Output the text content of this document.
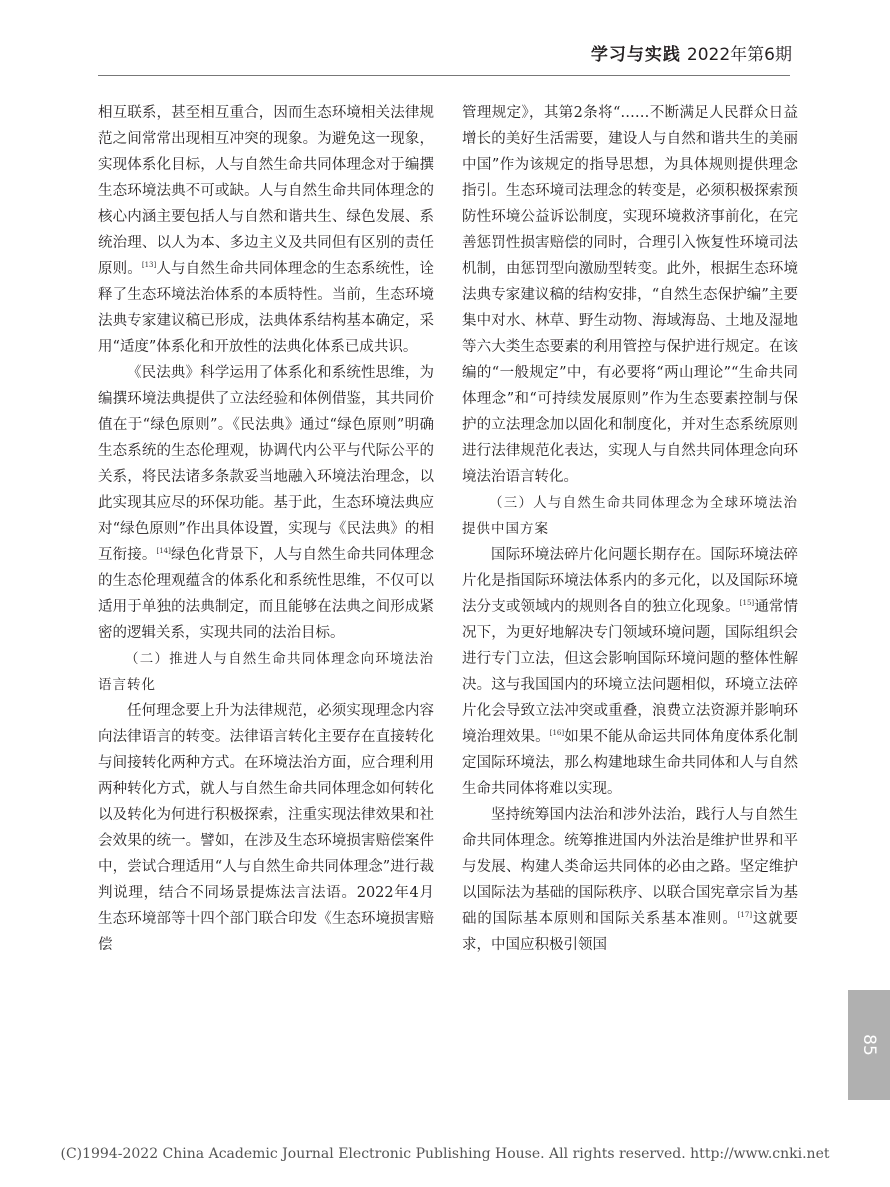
学习与实践 2022年第6期

相互联系，甚至相互重合，因而生态环境相关法律规范之间常常出现相互冲突的现象。为避免这一现象，实现体系化目标，人与自然生命共同体理念对于编撰生态环境法典不可或缺。人与自然生命共同体理念的核心内涵主要包括人与自然和谐共生、绿色发展、系统治理、以人为本、多边主义及共同但有区别的责任原则。[13]人与自然生命共同体理念的生态系统性，诠释了生态环境法治体系的本质特性。当前，生态环境法典专家建议稿已形成，法典体系结构基本确定，采用“适度”体系化和开放性的法典化体系已成共识。

《民法典》科学运用了体系化和系统性思维，为编撰环境法典提供了立法经验和体例借鉴，其共同价值在于“绿色原则”。《民法典》通过“绿色原则”明确生态系统的生态伦理观，协调代内公平与代际公平的关系，将民法诸多条款妥当地融入环境法治理念，以此实现其应尽的环保功能。基于此，生态环境法典应对“绿色原则”作出具体设置，实现与《民法典》的相互衔接。[14]绿色化背景下，人与自然生命共同体理念的生态伦理观蕴含的体系化和系统性思维，不仅可以适用于单独的法典制定，而且能够在法典之间形成紧密的逻辑关系，实现共同的法治目标。

（二）推进人与自然生命共同体理念向环境法治语言转化

任何理念要上升为法律规范，必须实现理念内容向法律语言的转变。法律语言转化主要存在直接转化与间接转化两种方式。在环境法治方面，应合理利用两种转化方式，就人与自然生命共同体理念如何转化以及转化为何进行积极探索，注重实现法律效果和社会效果的统一。譬如，在涉及生态环境损害赔偿案件中，尝试合理适用“人与自然生命共同体理念”进行裁判说理，结合不同场景提炼法言法语。2022年4月生态环境部等十四个部门联合印发《生态环境损害赔偿

管理规定》，其第2条将“……不断满足人民群众日益增长的美好生活需要，建设人与自然和谐共生的美丽中国”作为该规定的指导思想，为具体规则提供理念指引。生态环境司法理念的转变是，必须积极探索预防性环境公益诉讼制度，实现环境救济事前化，在完善惩罚性损害赔偿的同时，合理引入恢复性环境司法机制，由惩罚型向激励型转变。此外，根据生态环境法典专家建议稿的结构安排，“自然生态保护编”主要集中对水、林草、野生动物、海域海岛、土地及湿地等六大类生态要素的利用管控与保护进行规定。在该编的“一般规定”中，有必要将“两山理论”“生命共同体理念”和“可持续发展原则”作为生态要素控制与保护的立法理念加以固化和制度化，并对生态系统原则进行法律规范化表达，实现人与自然共同体理念向环境法治语言转化。

（三）人与自然生命共同体理念为全球环境法治提供中国方案

国际环境法碎片化问题长期存在。国际环境法碎片化是指国际环境法体系内的多元化，以及国际环境法分支或领域内的规则各自的独立化现象。[15]通常情况下，为更好地解决专门领域环境问题，国际组织会进行专门立法，但这会影响国际环境问题的整体性解决。这与我国国内的环境立法问题相似，环境立法碎片化会导致立法冲突或重叠，浪费立法资源并影响环境治理效果。[16]如果不能从命运共同体角度体系化制定国际环境法，那么构建地球生命共同体和人与自然生命共同体将难以实现。

坚持统筹国内法治和涉外法治，践行人与自然生命共同体理念。统筹推进国内外法治是维护世界和平与发展、构建人类命运共同体的必由之路。坚定维护以国际法为基础的国际秩序、以联合国宪章宗旨为基础的国际基本原则和国际关系基本准则。[17]这就要求，中国应积极引领国

85
(C)1994-2022 China Academic Journal Electronic Publishing House. All rights reserved. http://www.cnki.net
